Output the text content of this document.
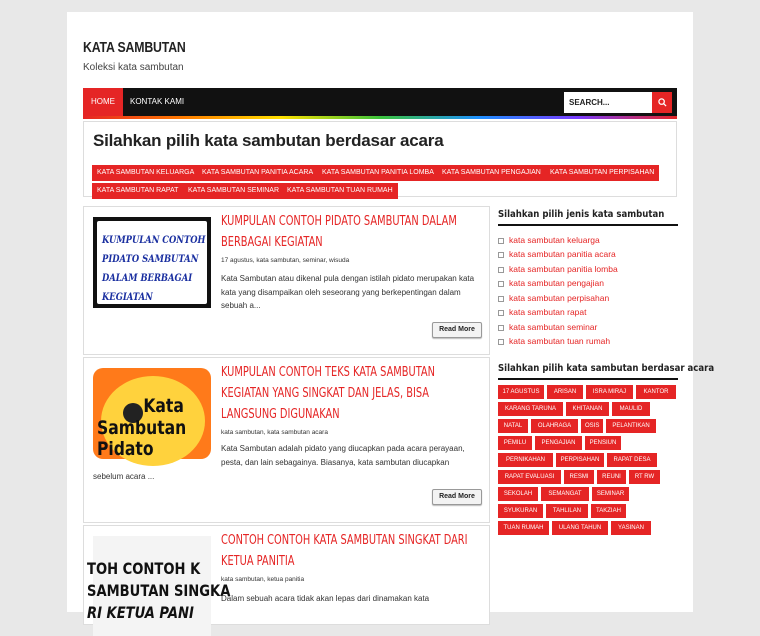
KATA SAMBUTAN
Koleksi kata sambutan
HOME	KONTAK KAMI	SEARCH...
Silahkan pilih kata sambutan berdasar acara
KATA SAMBUTAN KELUARGA	KATA SAMBUTAN PANITIA ACARA	KATA SAMBUTAN PANITIA LOMBA	KATA SAMBUTAN PENGAJIAN	KATA SAMBUTAN PERPISAHAN
KATA SAMBUTAN RAPAT	KATA SAMBUTAN SEMINAR	KATA SAMBUTAN TUAN RUMAH
KUMPULAN CONTOH
PIDATO SAMBUTAN
DALAM BERBAGAI
KEGIATAN
KUMPULAN CONTOH PIDATO SAMBUTAN DALAM BERBAGAI KEGIATAN
17 agustus, kata sambutan, seminar, wisuda
Kata Sambutan atau dikenal pula dengan istilah pidato merupakan kata kata yang disampaikan oleh seseorang yang berkepentingan dalam sebuah a...
Read More
Kata
Sambutan
Pidato
KUMPULAN CONTOH TEKS KATA SAMBUTAN KEGIATAN YANG SINGKAT DAN JELAS, BISA LANGSUNG DIGUNAKAN
kata sambutan, kata sambutan acara
Kata Sambutan adalah pidato yang diucapkan pada acara perayaan, pesta, dan lain sebagainya. Biasanya, kata sambutan diucapkan
sebelum acara ...
Read More
TOH CONTOH K
SAMBUTAN SINGKA
RI KETUA PANI
CONTOH CONTOH KATA SAMBUTAN SINGKAT DARI KETUA PANITIA
kata sambutan, ketua panitia
Dalam sebuah acara tidak akan lepas dari dinamakan kata
Silahkan pilih jenis kata sambutan
kata sambutan keluarga
kata sambutan panitia acara
kata sambutan panitia lomba
kata sambutan pengajian
kata sambutan perpisahan
kata sambutan rapat
kata sambutan seminar
kata sambutan tuan rumah
Silahkan pilih kata sambutan berdasar acara
17 AGUSTUS	ARISAN	ISRA MIRAJ	KANTOR
KARANG TARUNA	KHITANAN	MAULID
NATAL	OLAHRAGA	OSIS	PELANTIKAN
PEMILU	PENGAJIAN	PENSIUN
PERNIKAHAN	PERPISAHAN	RAPAT DESA
RAPAT EVALUASI	RESMI	REUNI	RT RW
SEKOLAH	SEMANGAT	SEMINAR
SYUKURAN	TAHLILAN	TAKZIAH
TUAN RUMAH	ULANG TAHUN	YASINAN
